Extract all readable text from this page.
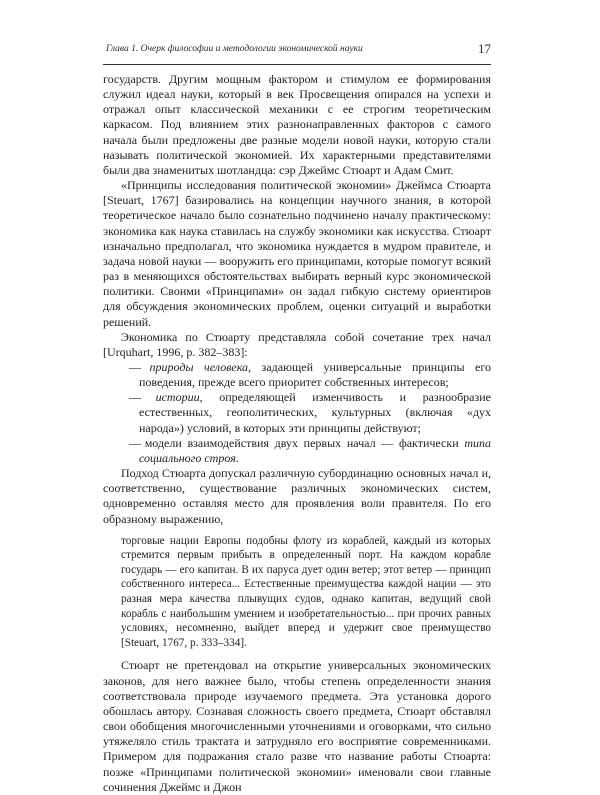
Глава 1. Очерк философии и методологии экономической науки	17

государств. Другим мощным фактором и стимулом ее формирования служил идеал науки, который в век Просвещения опирался на успехи и отражал опыт классической механики с ее строгим теоретическим каркасом. Под влиянием этих разнонаправленных факторов с самого начала были предложены две разные модели новой науки, которую стали называть политической экономией. Их характерными представителями были два знаменитых шотландца: сэр Джеймс Стюарт и Адам Смит.

«Принципы исследования политической экономии» Джеймса Стюарта [Steuart, 1767] базировались на концепции научного знания, в которой теоретическое начало было сознательно подчинено началу практическому: экономика как наука ставилась на службу экономики как искусства. Стюарт изначально предполагал, что экономика нуждается в мудром правителе, и задача новой науки — вооружить его принципами, которые помогут всякий раз в меняющихся обстоятельствах выбирать верный курс экономической политики. Своими «Принципами» он задал гибкую систему ориентиров для обсуждения экономических проблем, оценки ситуаций и выработки решений.

Экономика по Стюарту представляла собой сочетание трех начал [Urquhart, 1996, p. 382–383]:

— природы человека, задающей универсальные принципы его поведения, прежде всего приоритет собственных интересов;
— истории, определяющей изменчивость и разнообразие естественных, геополитических, культурных (включая «дух народа») условий, в которых эти принципы действуют;
— модели взаимодействия двух первых начал — фактически типа социального строя.

Подход Стюарта допускал различную субординацию основных начал и, соответственно, существование различных экономических систем, одновременно оставляя место для проявления воли правителя. По его образному выражению,

торговые нации Европы подобны флоту из кораблей, каждый из которых стремится первым прибыть в определенный порт. На каждом корабле государь — его капитан. В их паруса дует один ветер; этот ветер — принцип собственного интереса... Естественные преимущества каждой нации — это разная мера качества плывущих судов, однако капитан, ведущий свой корабль с наибольшим умением и изобретательностью... при прочих равных условиях, несомненно, выйдет вперед и удержит свое преимущество [Steuart, 1767, p. 333–334].

Стюарт не претендовал на открытие универсальных экономических законов, для него важнее было, чтобы степень определенности знания соответствовала природе изучаемого предмета. Эта установка дорого обошлась автору. Сознавая сложность своего предмета, Стюарт обставлял свои обобщения многочисленными уточнениями и оговорками, что сильно утяжеляло стиль трактата и затрудняло его восприятие современниками. Примером для подражания стало разве что название работы Стюарта: позже «Принципами политической экономии» именовали свои главные сочинения Джеймс и Джон
